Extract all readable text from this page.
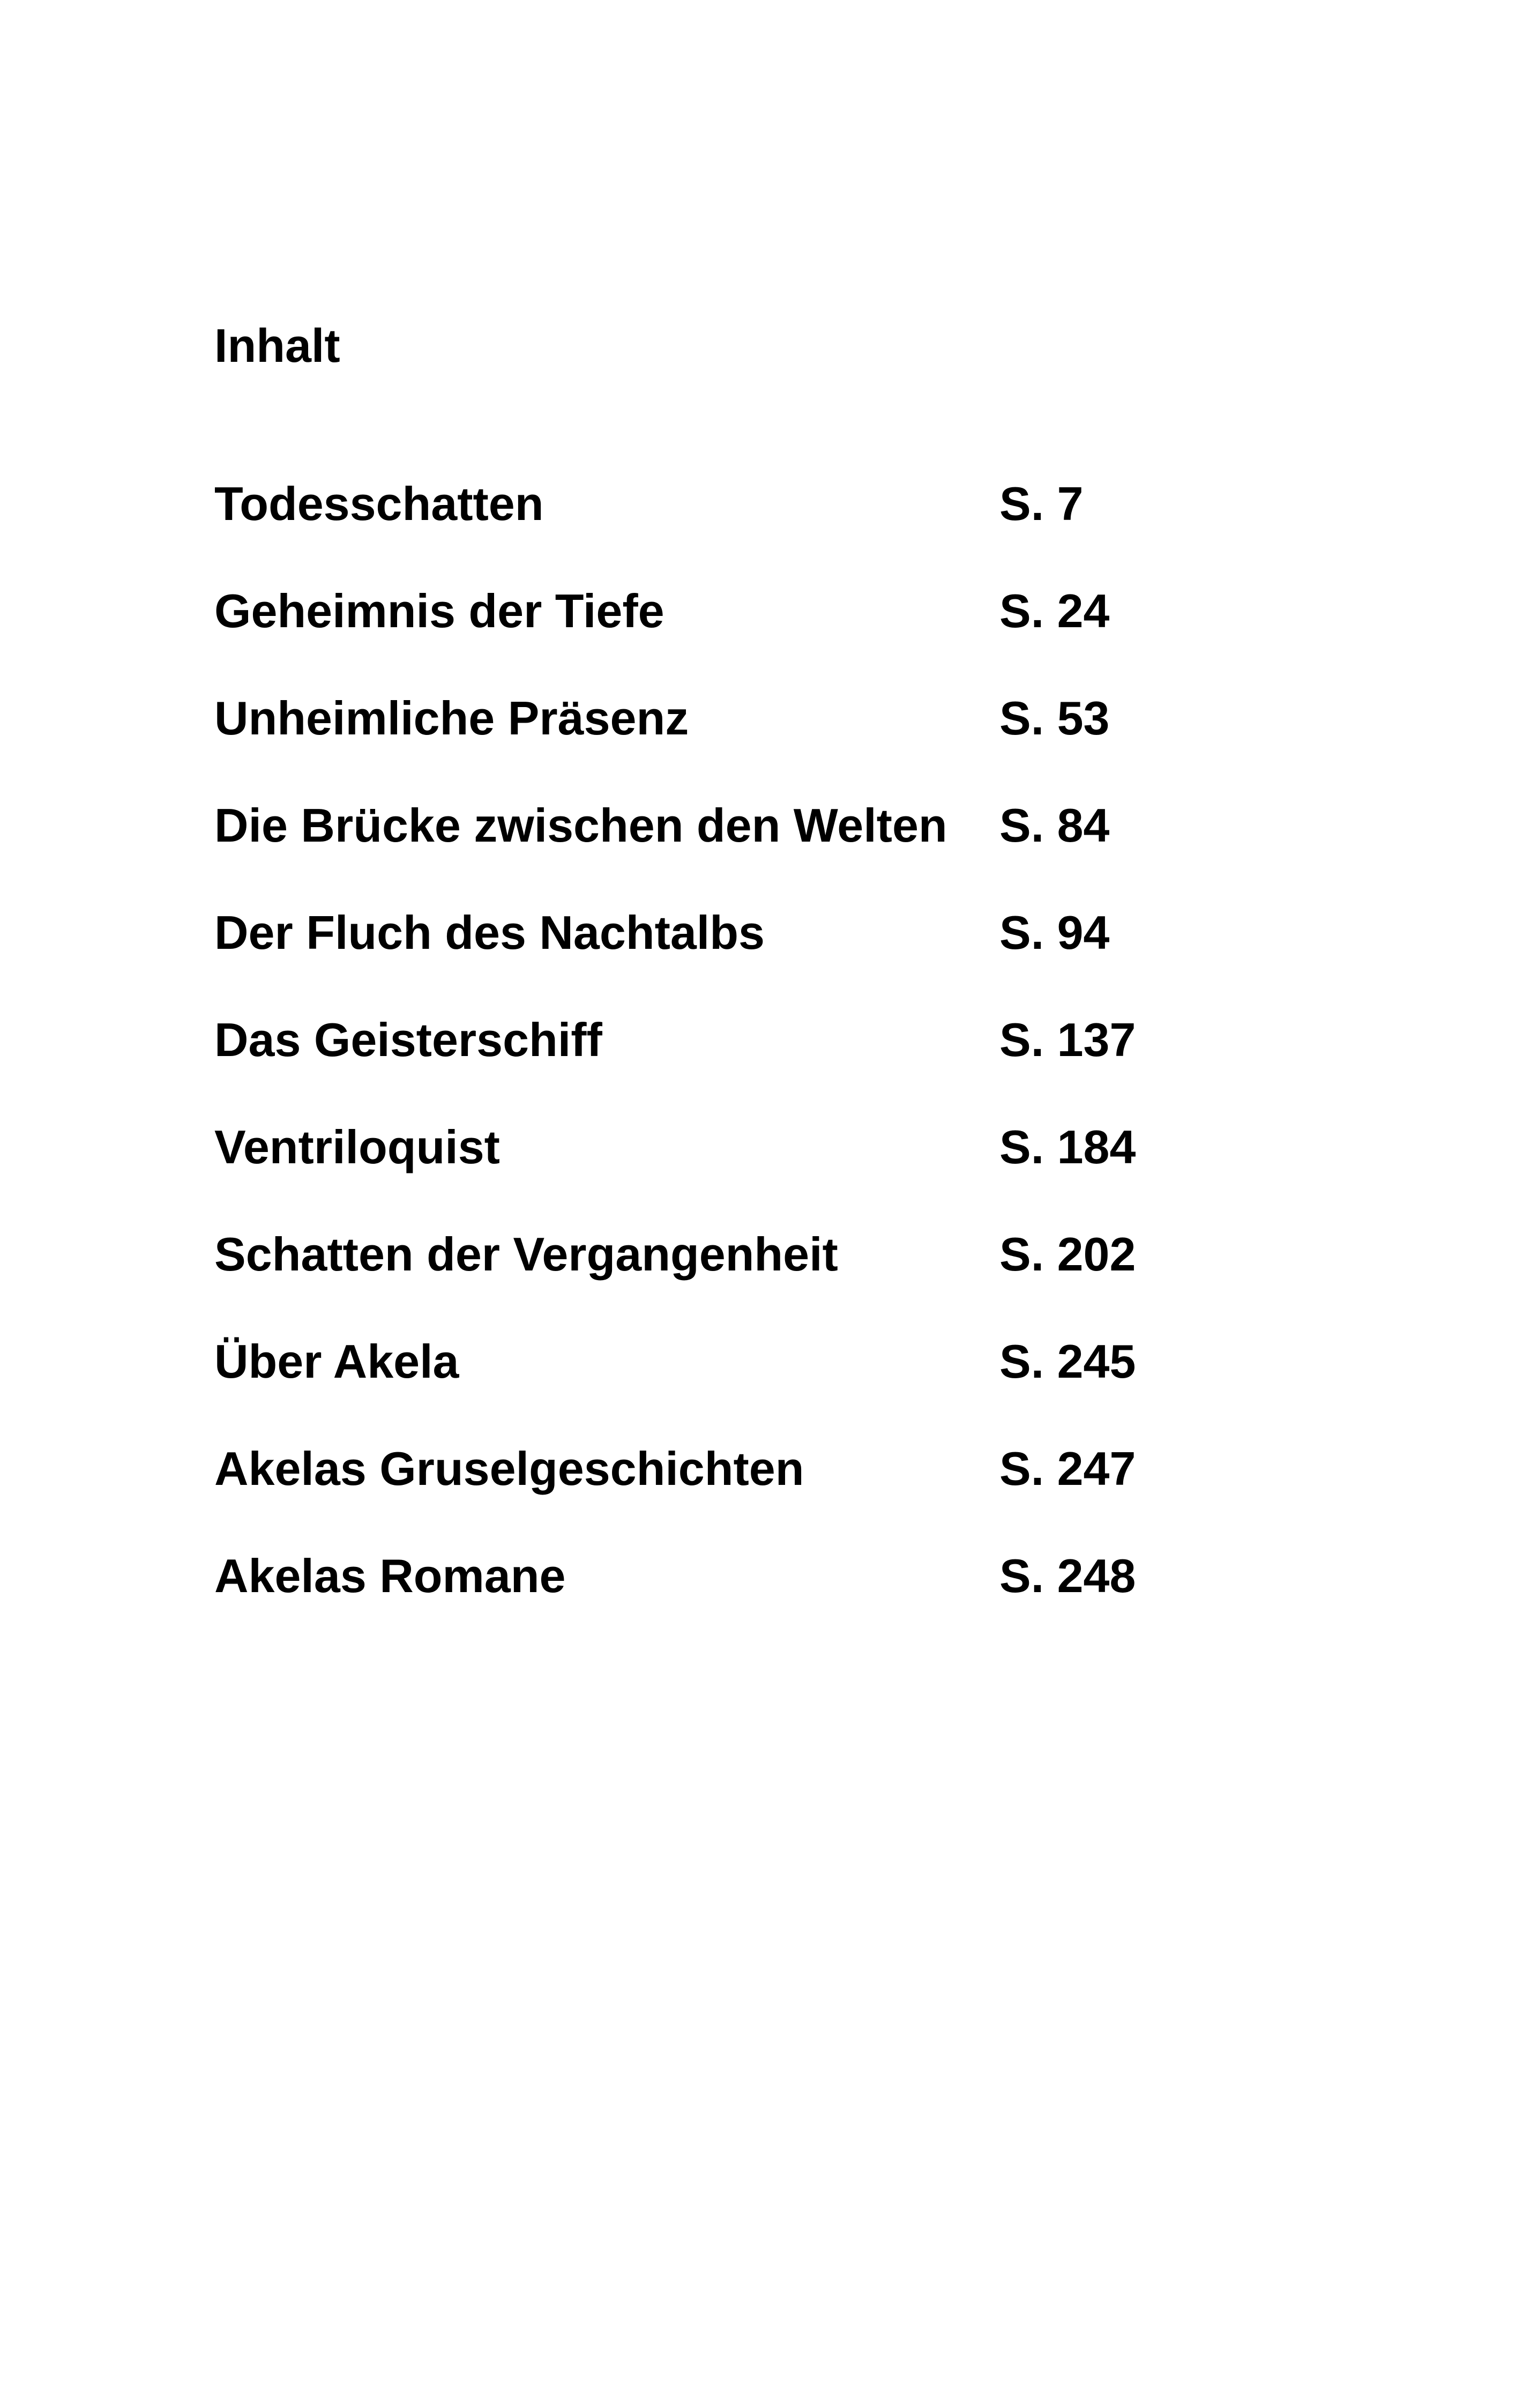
Inhalt
Todesschatten	S. 7
Geheimnis der Tiefe	S. 24
Unheimliche Präsenz	S. 53
Die Brücke zwischen den Welten S. 84
Der Fluch des Nachtalbs	S. 94
Das Geisterschiff	S. 137
Ventriloquist	S. 184
Schatten der Vergangenheit	S. 202
Über Akela	S. 245
Akelas Gruselgeschichten	S. 247
Akelas Romane	S. 248
